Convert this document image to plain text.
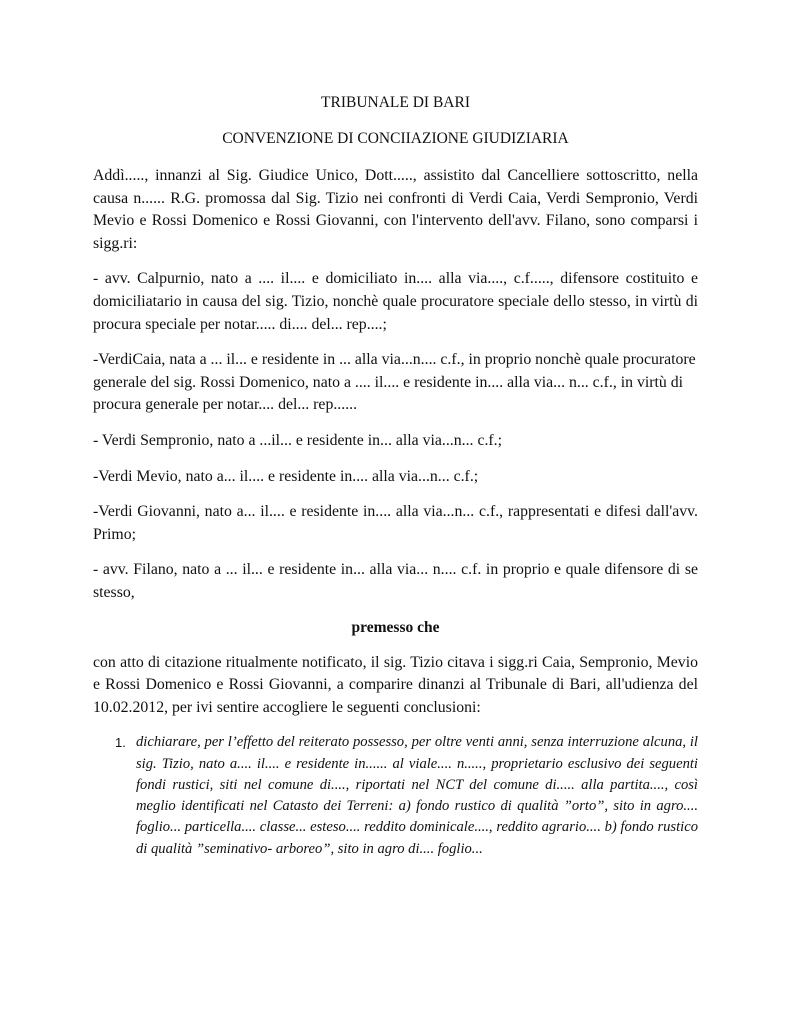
TRIBUNALE DI BARI
CONVENZIONE DI CONCIIAZIONE GIUDIZIARIA

Addì....., innanzi al Sig. Giudice Unico, Dott....., assistito dal Cancelliere sottoscritto, nella causa n...... R.G. promossa dal Sig. Tizio nei confronti di Verdi Caia, Verdi Sempronio, Verdi Mevio e Rossi Domenico e Rossi Giovanni, con l'intervento dell'avv. Filano, sono comparsi i sigg.ri:

- avv. Calpurnio, nato a .... il.... e domiciliato in.... alla via...., c.f....., difensore costituito e domiciliatario in causa del sig. Tizio, nonchè quale procuratore speciale dello stesso, in virtù di procura speciale per notar..... di.... del... rep....;

-VerdiCaia, nata a ... il... e residente in ... alla via...n.... c.f., in proprio nonchè quale procuratore generale del sig. Rossi Domenico, nato a .... il.... e residente in.... alla via... n... c.f., in virtù di procura generale per notar.... del... rep......

- Verdi Sempronio, nato a ...il... e residente in... alla via...n... c.f.;

-Verdi Mevio, nato a... il.... e residente in.... alla via...n... c.f.;

-Verdi Giovanni, nato a... il.... e residente in.... alla via...n... c.f., rappresentati e difesi dall'avv. Primo;

- avv. Filano, nato a ... il... e residente in... alla via... n.... c.f. in proprio e quale difensore di se stesso,

premesso che

con atto di citazione ritualmente notificato, il sig. Tizio citava i sigg.ri Caia, Sempronio, Mevio e Rossi Domenico e Rossi Giovanni, a comparire dinanzi al Tribunale di Bari, all'udienza del 10.02.2012, per ivi sentire accogliere le seguenti conclusioni:

1. dichiarare, per l’effetto del reiterato possesso, per oltre venti anni, senza interruzione alcuna, il sig. Tizio, nato a.... il.... e residente in...... al viale.... n....., proprietario esclusivo dei seguenti fondi rustici, siti nel comune di...., riportati nel NCT del comune di..... alla partita...., così meglio identificati nel Catasto dei Terreni: a) fondo rustico di qualità ”orto”, sito in agro.... foglio... particella.... classe... esteso.... reddito dominicale...., reddito agrario.... b) fondo rustico di qualità ”seminativo- arboreo”, sito in agro di.... foglio...
